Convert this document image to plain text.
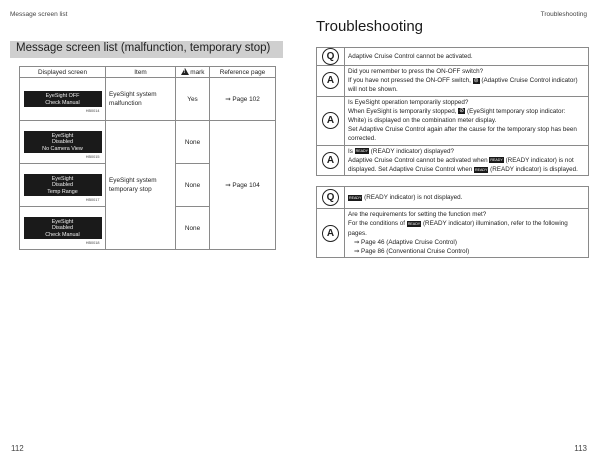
Message screen list	Troubleshooting
Message screen list (malfunction, temporary stop)
Displayed screen	Item	! mark	Reference page

EyeSight OFF
Check Manual
HB0014	EyeSight system malfunction	Yes	⇒ Page 102

EyeSight
Disabled
No Camera View
HB0015	EyeSight system temporary stop	None	⇒ Page 104

EyeSight
Disabled
Temp Range
HB0017		None	

EyeSight
Disabled
Check Manual
HB0018		None	
112
Troubleshooting
Q	Adaptive Cruise Control cannot be activated.
A	Did you remember to press the ON-OFF switch?
If you have not pressed the ON-OFF switch, ⊜ (Adaptive Cruise Control indicator) will not be shown.

A	Is EyeSight operation temporarily stopped?
When EyeSight is temporarily stopped, ⊘ (EyeSight temporary stop indicator: White) is displayed on the combination meter display.
Set Adaptive Cruise Control again after the cause for the temporary stop has been corrected.

A	Is READY (READY indicator) displayed?
Adaptive Cruise Control cannot be activated when READY (READY indicator) is not displayed. Set Adaptive Cruise Control when READY (READY indicator) is displayed.

Q	READY (READY indicator) is not displayed.
A	Are the requirements for setting the function met?
For the conditions of READY (READY indicator) illumination, refer to the following pages.
⇒ Page 46 (Adaptive Cruise Control)
⇒ Page 86 (Conventional Cruise Control)
113
